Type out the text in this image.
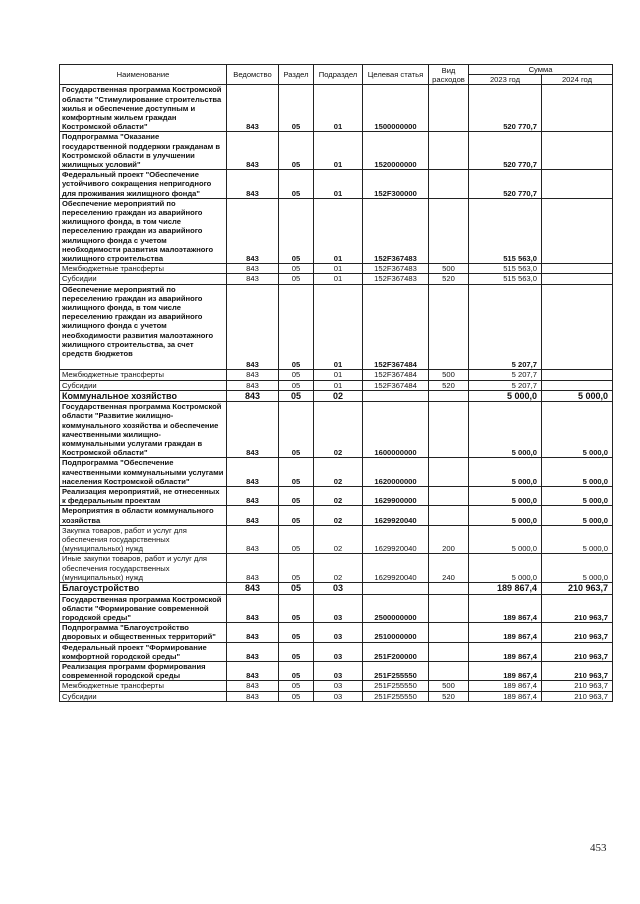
Наименование	Ведомство	Раздел	Подраздел	Целевая статья	Вид расходов	Сумма	
						2023 год	2024 год
Государственная программа Костромской области "Стимулирование строительства жилья и обеспечение доступным и комфортным жильем граждан Костромской области"	843	05	01	1500000000		520 770,7	
Подпрограмма "Оказание государственной поддержки гражданам в Костромской области в улучшении жилищных условий"	843	05	01	1520000000		520 770,7	
Федеральный проект "Обеспечение устойчивого сокращения непригодного для проживания жилищного фонда"	843	05	01	152F300000		520 770,7	
Обеспечение мероприятий по переселению граждан из аварийного жилищного фонда, в том числе переселению граждан из аварийного жилищного фонда с учетом необходимости развития малоэтажного жилищного строительства	843	05	01	152F367483		515 563,0	
Межбюджетные трансферты	843	05	01	152F367483	500	515 563,0	
Субсидии	843	05	01	152F367483	520	515 563,0	
Обеспечение мероприятий по переселению граждан из аварийного жилищного фонда, в том числе переселению граждан из аварийного жилищного фонда с учетом необходимости развития малоэтажного жилищного строительства, за счет средств бюджетов	843	05	01	152F367484		5 207,7	
Межбюджетные трансферты	843	05	01	152F367484	500	5 207,7	
Субсидии	843	05	01	152F367484	520	5 207,7	
Коммунальное хозяйство	843	05	02			5 000,0	5 000,0
Государственная программа Костромской области "Развитие жилищно-коммунального хозяйства и обеспечение качественными жилищно-коммунальными услугами граждан в Костромской области"	843	05	02	1600000000		5 000,0	5 000,0
Подпрограмма "Обеспечение качественными коммунальными услугами населения Костромской области"	843	05	02	1620000000		5 000,0	5 000,0
Реализация мероприятий, не отнесенных к федеральным проектам	843	05	02	1629900000		5 000,0	5 000,0
Мероприятия в области коммунального хозяйства	843	05	02	1629920040		5 000,0	5 000,0
Закупка товаров, работ и услуг для обеспечения государственных (муниципальных) нужд	843	05	02	1629920040	200	5 000,0	5 000,0
Иные закупки товаров, работ и услуг для обеспечения государственных (муниципальных) нужд	843	05	02	1629920040	240	5 000,0	5 000,0
Благоустройство	843	05	03			189 867,4	210 963,7
Государственная программа Костромской области "Формирование современной городской среды"	843	05	03	2500000000		189 867,4	210 963,7
Подпрограмма "Благоустройство дворовых и общественных территорий"	843	05	03	2510000000		189 867,4	210 963,7
Федеральный проект "Формирование комфортной городской среды"	843	05	03	251F200000		189 867,4	210 963,7
Реализация программ формирования современной городской среды	843	05	03	251F255550		189 867,4	210 963,7
Межбюджетные трансферты	843	05	03	251F255550	500	189 867,4	210 963,7
Субсидии	843	05	03	251F255550	520	189 867,4	210 963,7
453
